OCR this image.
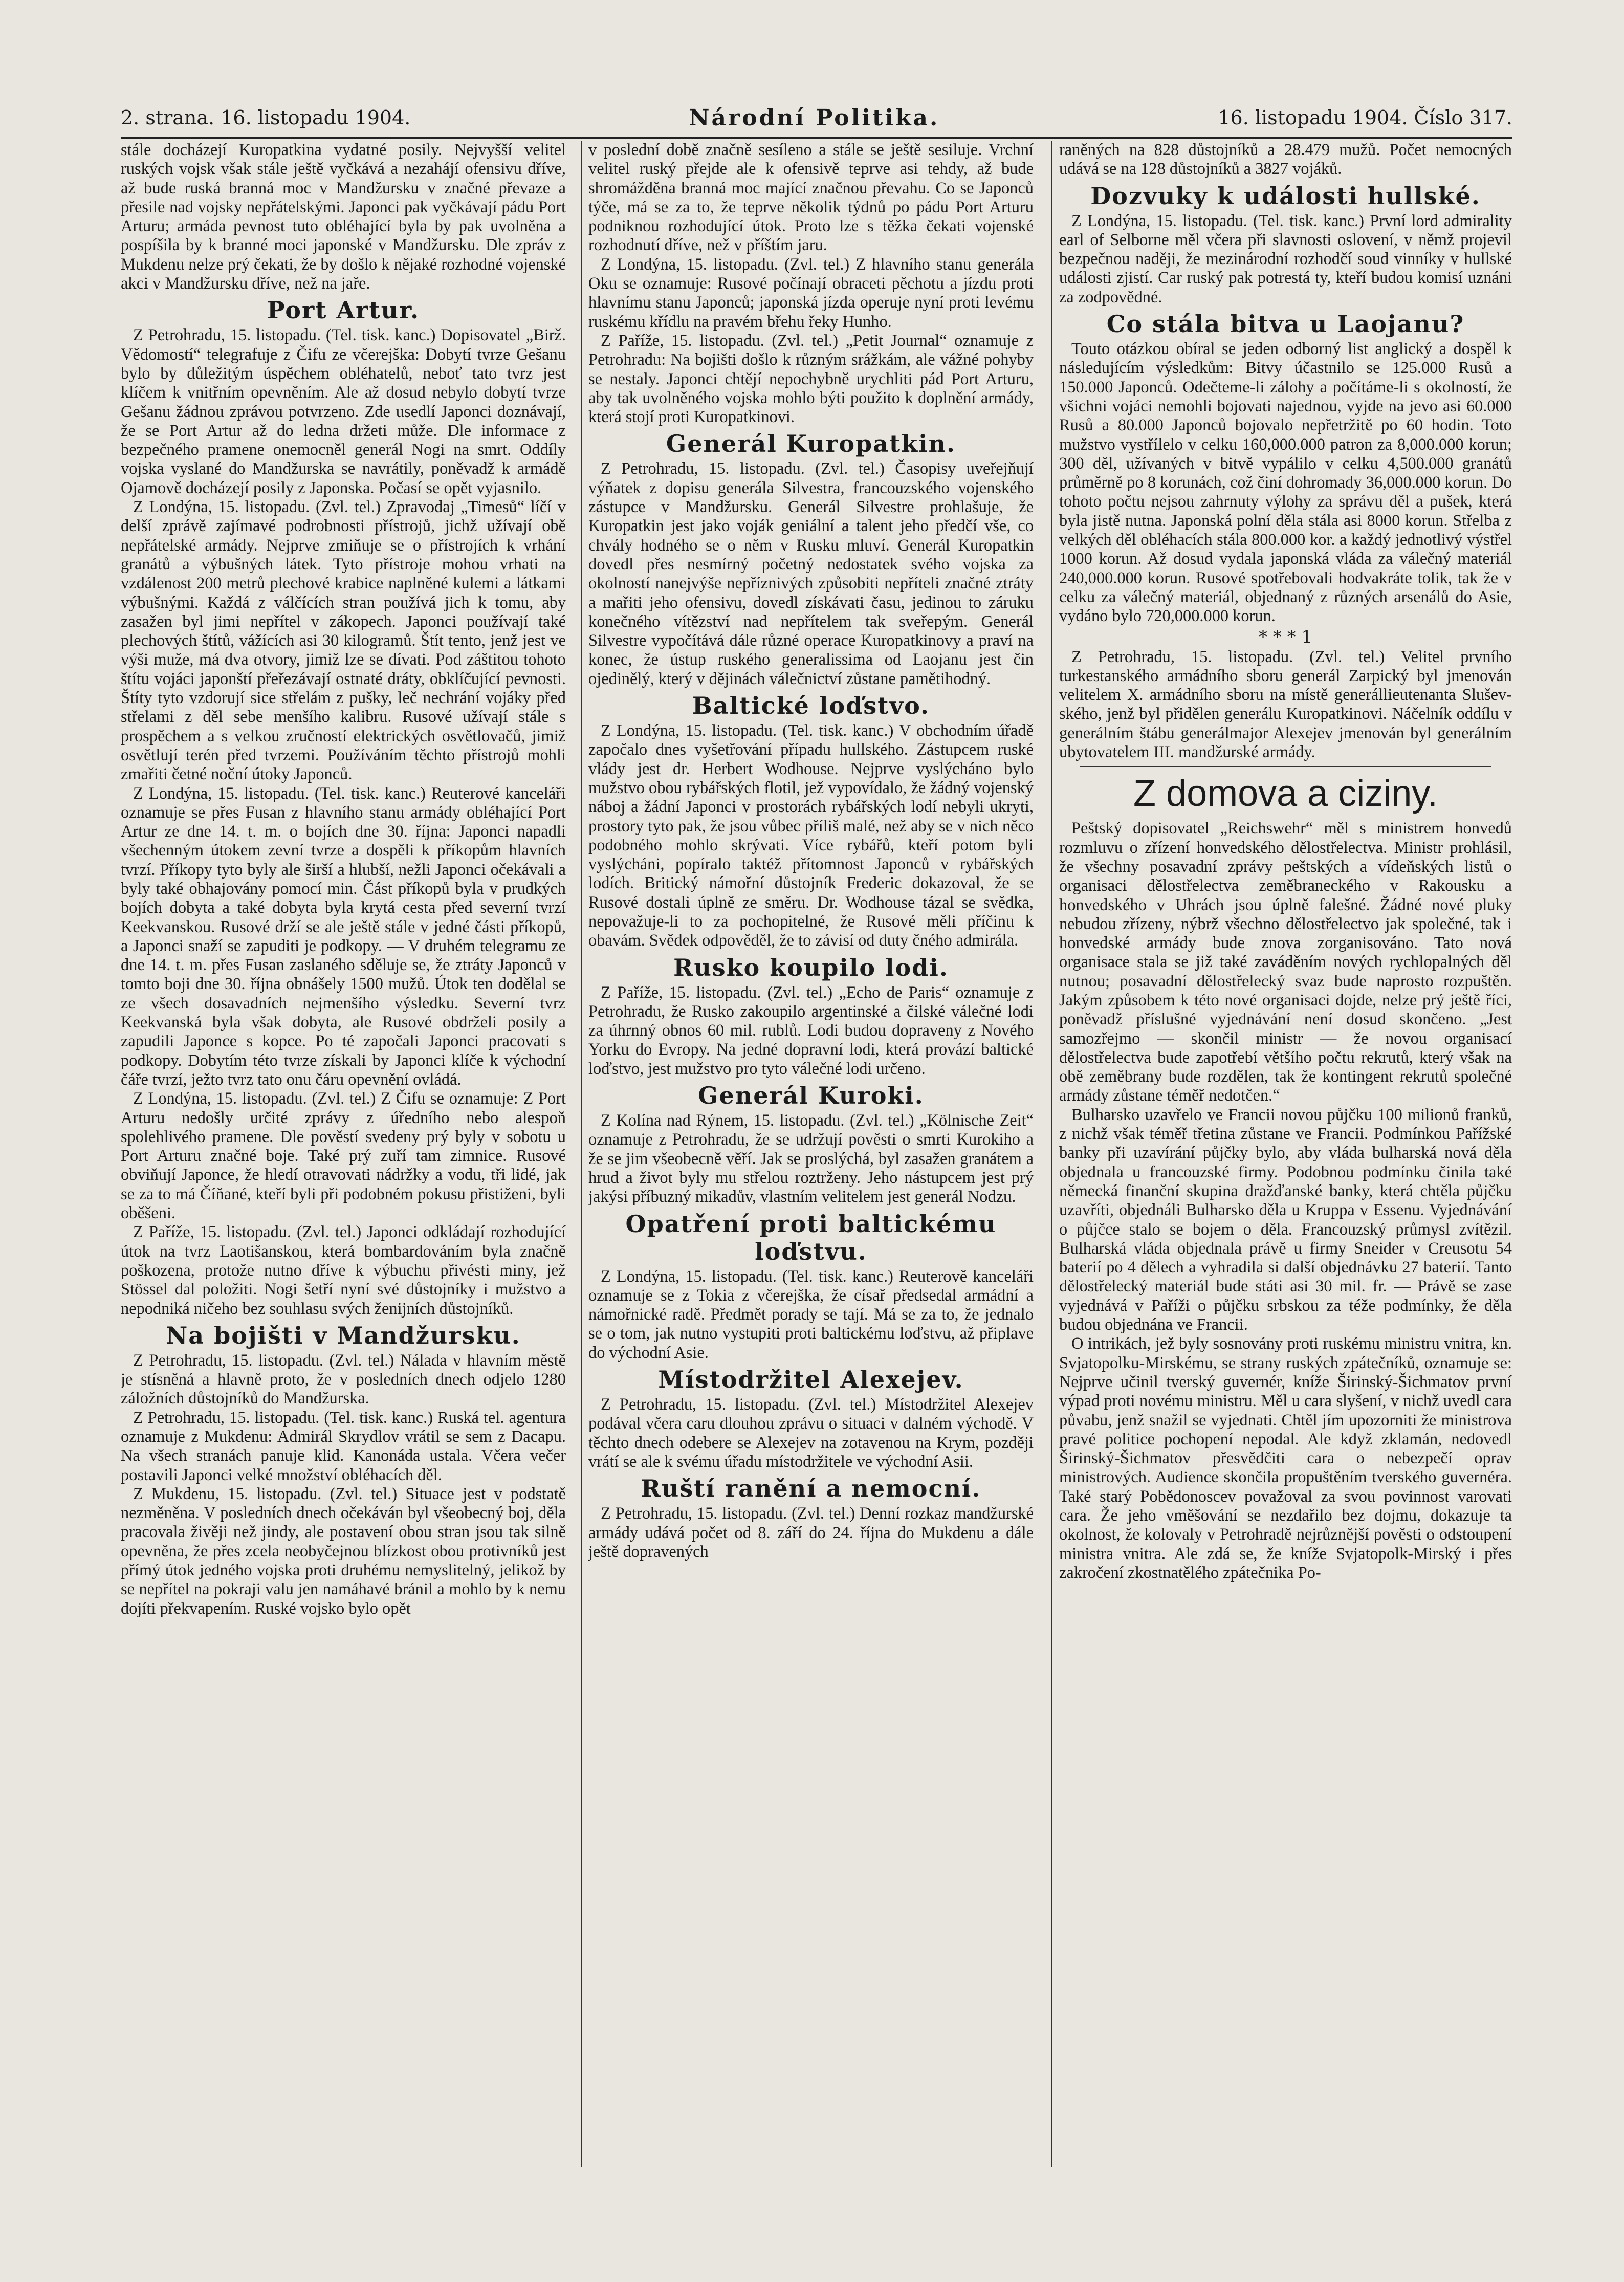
2. strana. 16. listopadu 1904.	Národní Politika.	16. listopadu 1904. Číslo 317.

stále docházejí Kuropatkina vydatné posily. Nejvyšší velitel ruských vojsk však stále ještě vyčkává a nezahájí ofensivu dříve, až bude ruská branná moc v Mandžursku v značné převaze a přesile nad vojsky nepřátelskými. Japonci pak vyčkávají pádu Port Arturu; armáda pevnost tuto obléhající byla by pak uvolněna a pospíšila by k branné moci japonské v Mandžursku. Dle zpráv z Mukdenu nelze prý čekati, že by došlo k nějaké rozhodné vojenské akci v Mandžursku dříve, než na jaře.

Port Artur.

Z Petrohradu, 15. listopadu. (Tel. tisk. kanc.) Dopisovatel „Birž. Vědomostí“ telegrafuje z Čifu ze včerejška: Dobytí tvrze Gešanu bylo by důležitým úspěchem obléhatelů, neboť tato tvrz jest klíčem k vnitřním opevněním. Ale až dosud nebylo dobytí tvrze Gešanu žádnou zprávou potvrzeno. Zde usedlí Japonci doznávají, že se Port Artur až do ledna držeti může. Dle informace z bezpečného pramene onemocněl generál Nogi na smrt. Oddíly vojska vyslané do Mandžurska se navrátily, poněvadž k armádě Ojamově docházejí posily z Japonska. Počasí se opět vyjasnilo.

Z Londýna, 15. listopadu. (Zvl. tel.) Zpravodaj „Timesů“ líčí v delší zprávě zajímavé podrobnosti přístrojů, jichž užívají obě nepřátelské armády. Nejprve zmiňuje se o přístrojích k vrhání granátů a výbušných látek. Tyto přístroje mohou vrhati na vzdálenost 200 metrů plechové krabice naplněné kulemi a látkami výbušnými. Každá z válčících stran používá jich k tomu, aby zasažen byl jimi nepřítel v zákopech. Japonci používají také plechových štítů, vážících asi 30 kilogramů. Štít tento, jenž jest ve výši muže, má dva otvory, jimiž lze se dívati. Pod záštitou tohoto štítu vojáci japonští přeřezávají ostnaté dráty, obklíčující pevnosti. Štíty tyto vzdorují sice střelám z pušky, leč nechrání vojáky před střelami z děl sebe menšího kalibru. Rusové užívají stále s prospěchem a s velkou zručností elektrických osvětlovačů, jimiž osvětlují terén před tvrzemi. Používáním těchto přístrojů mohli zmařiti četné noční útoky Japonců.

Z Londýna, 15. listopadu. (Tel. tisk. kanc.) Reuterové kanceláři oznamuje se přes Fusan z hlavního stanu armády obléhající Port Artur ze dne 14. t. m. o bojích dne 30. října: Japonci napadli všechenným útokem zevní tvrze a dospěli k příkopům hlavních tvrzí. Příkopy tyto byly ale širší a hlubší, nežli Japonci očekávali a byly také obhajovány pomocí min. Část příkopů byla v prudkých bojích dobyta a také dobyta byla krytá cesta před severní tvrzí Keekvanskou. Rusové drží se ale ještě stále v jedné části příkopů, a Japonci snaží se zapuditi je podkopy. — V druhém telegramu ze dne 14. t. m. přes Fusan zaslaného sděluje se, že ztráty Japonců v tomto boji dne 30. října obnášely 1500 mužů. Útok ten dodělal se ze všech dosavadních nejmenšího výsledku. Severní tvrz Keekvanská byla však dobyta, ale Rusové obdrželi posily a zapudili Japonce s kopce. Po té započali Japonci pracovati s podkopy. Dobytím této tvrze získali by Japonci klíče k východní čáře tvrzí, ježto tvrz tato onu čáru opevnění ovládá.

Z Londýna, 15. listopadu. (Zvl. tel.) Z Čifu se oznamuje: Z Port Arturu nedošly určité zprávy z úředního nebo alespoň spolehlivého pramene. Dle pověstí svedeny prý byly v sobotu u Port Arturu značné boje. Také prý zuří tam zimnice. Rusové obviňují Japonce, že hledí otravovati nádržky a vodu, tři lidé, jak se za to má Číňané, kteří byli při podobném pokusu přistiženi, byli oběšeni.

Z Paříže, 15. listopadu. (Zvl. tel.) Japonci odkládají rozhodující útok na tvrz Laotišanskou, která bombardováním byla značně poškozena, protože nutno dříve k výbuchu přivésti miny, jež Stössel dal položiti. Nogi šetří nyní své důstojníky i mužstvo a nepodniká ničeho bez souhlasu svých ženijních důstojníků.

Na bojišti v Mandžursku.

Z Petrohradu, 15. listopadu. (Zvl. tel.) Nálada v hlavním městě je stísněná a hlavně proto, že v posledních dnech odjelo 1280 záložních důstojníků do Mandžurska.

Z Petrohradu, 15. listopadu. (Tel. tisk. kanc.) Ruská tel. agentura oznamuje z Mukdenu: Admirál Skrydlov vrátil se sem z Dacapu. Na všech stranách panuje klid. Kanonáda ustala. Včera večer postavili Japonci velké množství obléhacích děl.

Z Mukdenu, 15. listopadu. (Zvl. tel.) Situace jest v podstatě nezměněna. V posledních dnech očekáván byl všeobecný boj, děla pracovala živěji než jindy, ale postavení obou stran jsou tak silně opevněna, že přes zcela neobyčejnou blízkost obou protivníků jest přímý útok jedného vojska proti druhému nemyslitelný, jelikož by se nepřítel na pokraji valu jen namáhavé bránil a mohlo by k nemu dojíti překvapením. Ruské vojsko bylo opět

v poslední době značně sesíleno a stále se ještě sesiluje. Vrchní velitel ruský přejde ale k ofensivě teprve asi tehdy, až bude shromážděna branná moc mající značnou převahu. Co se Japonců týče, má se za to, že teprve několik týdnů po pádu Port Arturu podniknou rozhodující útok. Proto lze s těžka čekati vojenské rozhodnutí dříve, než v příštím jaru.

Z Londýna, 15. listopadu. (Zvl. tel.) Z hlavního stanu generála Oku se oznamuje: Rusové počínají obraceti pěchotu a jízdu proti hlavnímu stanu Japonců; japonská jízda operuje nyní proti levému ruskému křídlu na pravém břehu řeky Hunho.

Z Paříže, 15. listopadu. (Zvl. tel.) „Petit Journal“ oznamuje z Petrohradu: Na bojišti došlo k různým srážkám, ale vážné pohyby se nestaly. Japonci chtějí nepochybně urychliti pád Port Arturu, aby tak uvolněného vojska mohlo býti použito k doplnění armády, která stojí proti Kuropatkinovi.

Generál Kuropatkin.

Z Petrohradu, 15. listopadu. (Zvl. tel.) Časopisy uveřejňují výňatek z dopisu generála Silvestra, francouzského vojenského zástupce v Mandžursku. Generál Silvestre prohlašuje, že Kuropatkin jest jako voják geniální a talent jeho předčí vše, co chvály hodného se o něm v Rusku mluví. Generál Kuropatkin dovedl přes nesmírný početný nedostatek svého vojska za okolností nanejvýše nepříznivých způsobiti nepříteli značné ztráty a mařiti jeho ofensivu, dovedl získávati času, jedinou to záruku konečného vítězství nad nepřítelem tak sveřepým. Generál Silvestre vypočítává dále různé operace Kuropatkinovy a praví na konec, že ústup ruského generalissima od Laojanu jest čin ojedinělý, který v dějinách válečnictví zůstane pamětihodný.

Baltické loďstvo.

Z Londýna, 15. listopadu. (Tel. tisk. kanc.) V obchodním úřadě započalo dnes vyšetřování případu hullského. Zástupcem ruské vlády jest dr. Herbert Wodhouse. Nejprve vyslýcháno bylo mužstvo obou rybářských flotil, jež vypovídalo, že žádný vojenský náboj a žádní Japonci v prostorách rybářských lodí nebyli ukryti, prostory tyto pak, že jsou vůbec příliš malé, než aby se v nich něco podobného mohlo skrývati. Více rybářů, kteří potom byli vyslýcháni, popíralo taktéž přítomnost Japonců v rybářských lodích. Britický námořní důstojník Frederic dokazoval, že se Rusové dostali úplně ze směru. Dr. Wodhouse tázal se svědka, nepovažuje-li to za pochopitelné, že Rusové měli příčinu k obavám. Svědek odpověděl, že to závisí od duty čného admirála.

Rusko koupilo lodi.

Z Paříže, 15. listopadu. (Zvl. tel.) „Echo de Paris“ oznamuje z Petrohradu, že Rusko zakoupilo argentinské a čilské válečné lodi za úhrnný obnos 60 mil. rublů. Lodi budou dopraveny z Nového Yorku do Evropy. Na jedné dopravní lodi, která provází baltické loďstvo, jest mužstvo pro tyto válečné lodi určeno.

Generál Kuroki.

Z Kolína nad Rýnem, 15. listopadu. (Zvl. tel.) „Kölnische Zeit“ oznamuje z Petrohradu, že se udržují pověsti o smrti Kurokiho a že se jim všeobecně věří. Jak se proslýchá, byl zasažen granátem a hrud a život byly mu střelou roztrženy. Jeho nástupcem jest prý jakýsi příbuzný mikadův, vlastním velitelem jest generál Nodzu.

Opatření proti baltickému loďstvu.

Z Londýna, 15. listopadu. (Tel. tisk. kanc.) Reuterově kanceláři oznamuje se z Tokia z včerejška, že císař předsedal armádní a námořnické radě. Předmět porady se tají. Má se za to, že jednalo se o tom, jak nutno vystupiti proti baltickému loďstvu, až připlave do východní Asie.

Místodržitel Alexejev.

Z Petrohradu, 15. listopadu. (Zvl. tel.) Místodržitel Alexejev podával včera caru dlouhou zprávu o situaci v dalném východě. V těchto dnech odebere se Alexejev na zotavenou na Krym, později vrátí se ale k svému úřadu místodržitele ve východní Asii.

Ruští ranění a nemocní.

Z Petrohradu, 15. listopadu. (Zvl. tel.) Denní rozkaz mandžurské armády udává počet od 8. září do 24. října do Mukdenu a dále ještě dopravených

raněných na 828 důstojníků a 28.479 mužů. Počet nemocných udává se na 128 důstojníků a 3827 vojáků.

Dozvuky k události hullské.

Z Londýna, 15. listopadu. (Tel. tisk. kanc.) První lord admirality earl of Selborne měl včera při slavnosti oslovení, v němž projevil bezpečnou naději, že mezinárodní rozhodčí soud vinníky v hullské události zjistí. Car ruský pak potrestá ty, kteří budou komisí uznáni za zodpovědné.

Co stála bitva u Laojanu?

Touto otázkou obíral se jeden odborný list anglický a dospěl k následujícím výsledkům: Bitvy účastnilo se 125.000 Rusů a 150.000 Japonců. Odečteme-li zálohy a počítáme-li s okolností, že všichni vojáci nemohli bojovati najednou, vyjde na jevo asi 60.000 Rusů a 80.000 Japonců bojovalo nepřetržitě po 60 hodin. Toto mužstvo vystřílelo v celku 160,000.000 patron za 8,000.000 korun; 300 děl, užívaných v bitvě vypálilo v celku 4,500.000 granátů průměrně po 8 korunách, což činí dohromady 36,000.000 korun. Do tohoto počtu nejsou zahrnuty výlohy za správu děl a pušek, která byla jistě nutna. Japonská polní děla stála asi 8000 korun. Střelba z velkých děl obléhacích stála 800.000 kor. a každý jednotlivý výstřel 1000 korun. Až dosud vydala japonská vláda za válečný materiál 240,000.000 korun. Rusové spotřebovali hodvakráte tolik, tak že v celku za válečný materiál, objednaný z různých arsenálů do Asie, vydáno bylo 720,000.000 korun.

* * * 1

Z Petrohradu, 15. listopadu. (Zvl. tel.) Velitel prvního turkestanského armádního sboru generál Zarpický byl jmenován velitelem X. armádního sboru na místě generállieutenanta Sluševského, jenž byl přidělen generálu Kuropatkinovi. Náčelník oddílu v generálním štábu generálmajor Alexejev jmenován byl generálním ubytovatelem III. mandžurské armády.

Z domova a ciziny.

Peštský dopisovatel „Reichswehr“ měl s ministrem honvedů rozmluvu o zřízení honvedského dělostřelectva. Ministr prohlásil, že všechny posavadní zprávy peštských a vídeňských listů o organisaci dělostřelectva zeměbraneckého v Rakousku a honvedského v Uhrách jsou úplně falešné. Žádné nové pluky nebudou zřízeny, nýbrž všechno dělostřelectvo jak společné, tak i honvedské armády bude znova zorganisováno. Tato nová organisace stala se již také zaváděním nových rychlopalných děl nutnou; posavadní dělostřelecký svaz bude naprosto rozpuštěn. Jakým způsobem k této nové organisaci dojde, nelze prý ještě říci, poněvadž příslušné vyjednávání není dosud skončeno. „Jest samozřejmo — skončil ministr — že novou organisací dělostřelectva bude zapotřebí většího počtu rekrutů, který však na obě zeměbrany bude rozdělen, tak že kontingent rekrutů společné armády zůstane téměř nedotčen.“

Bulharsko uzavřelo ve Francii novou půjčku 100 milionů franků, z nichž však téměř třetina zůstane ve Francii. Podmínkou Pařížské banky při uzavírání půjčky bylo, aby vláda bulharská nová děla objednala u francouzské firmy. Podobnou podmínku činila také německá finanční skupina dražďanské banky, která chtěla půjčku uzavříti, objednáli Bulharsko děla u Kruppa v Essenu. Vyjednávání o půjčce stalo se bojem o děla. Francouzský průmysl zvítězil. Bulharská vláda objednala právě u firmy Sneider v Creusotu 54 baterií po 4 dělech a vyhradila si další objednávku 27 baterií. Tanto dělostřelecký materiál bude státi asi 30 mil. fr. — Právě se zase vyjednává v Paříži o půjčku srbskou za téže podmínky, že děla budou objednána ve Francii.

O intrikách, jež byly sosnovány proti ruskému ministru vnitra, kn. Svjatopolku-Mirskému, se strany ruských zpátečníků, oznamuje se: Nejprve učinil tverský guvernér, kníže Širinský-Šichmatov první výpad proti novému ministru. Měl u cara slyšení, v nichž uvedl cara půvabu, jenž snažil se vyjednati. Chtěl jím upozorniti že ministrova pravé politice pochopení nepodal. Ale když zklamán, nedovedl Širinský-Šichmatov přesvědčiti cara o nebezpečí oprav ministrových. Audience skončila propuštěním tverského guvernéra. Také starý Pobědonoscev považoval za svou povinnost varovati cara. Že jeho vměšování se nezdařilo bez dojmu, dokazuje ta okolnost, že kolovaly v Petrohradě nejrůznější pověsti o odstoupení ministra vnitra. Ale zdá se, že kníže Svjatopolk-Mirský i přes zakročení zkostnatělého zpátečnika Po-
